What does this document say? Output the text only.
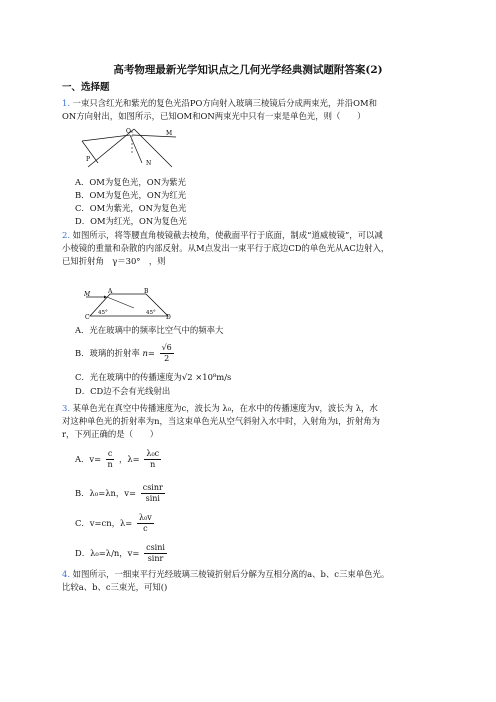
高考物理最新光学知识点之几何光学经典测试题附答案(2)
一、选择题
1. 一束只含红光和紫光的复色光沿PO方向射入玻璃三棱镜后分成两束光，并沿OM和
ON方向射出，如图所示，已知OM和ON两束光中只有一束是单色光，则（　　）
O	M
P
N
A．OM为复色光，ON为紫光
B．OM为复色光，ON为红光
C．OM为紫光，ON为复色光
D．OM为红光，ON为复色光
2. 如图所示，将等腰直角棱镜截去棱角，使截面平行于底面，制成“道威棱镜”，可以减
小棱镜的重量和杂散的内部反射。从M点发出一束平行于底边CD的单色光从AC边射入，
已知折射角　γ＝30°　，则
M	A	B
C	D
45°	45°
A．光在玻璃中的频率比空气中的频率大
B．玻璃的折射率 $n= \frac{√6}{2}$
C．光在玻璃中的传播速度为√2 ×10⁸m/s
D．CD边不会有光线射出
3. 某单色光在真空中传播速度为c，波长为 λ₀，在水中的传播速度为v，波长为 λ，水
对这种单色光的折射率为n，当这束单色光从空气斜射入水中时，入射角为i，折射角为
r，下列正确的是（　　）
A．$v= \frac{c}{n}$ ，$\lambda= \frac{\text{λ₀c}}{n}$
B．λ₀=λn，$v= \frac{csinr}{\sin i}$
C．v=cn，$\lambda= \frac{\text{λ₀v}}{c}$
D．λ₀=λ/n，$v= \frac{csini}{\sin r}$
4. 如图所示，一细束平行光经玻璃三棱镜折射后分解为互相分离的a、b、c三束单色光。
比较a、b、c三束光，可知()
